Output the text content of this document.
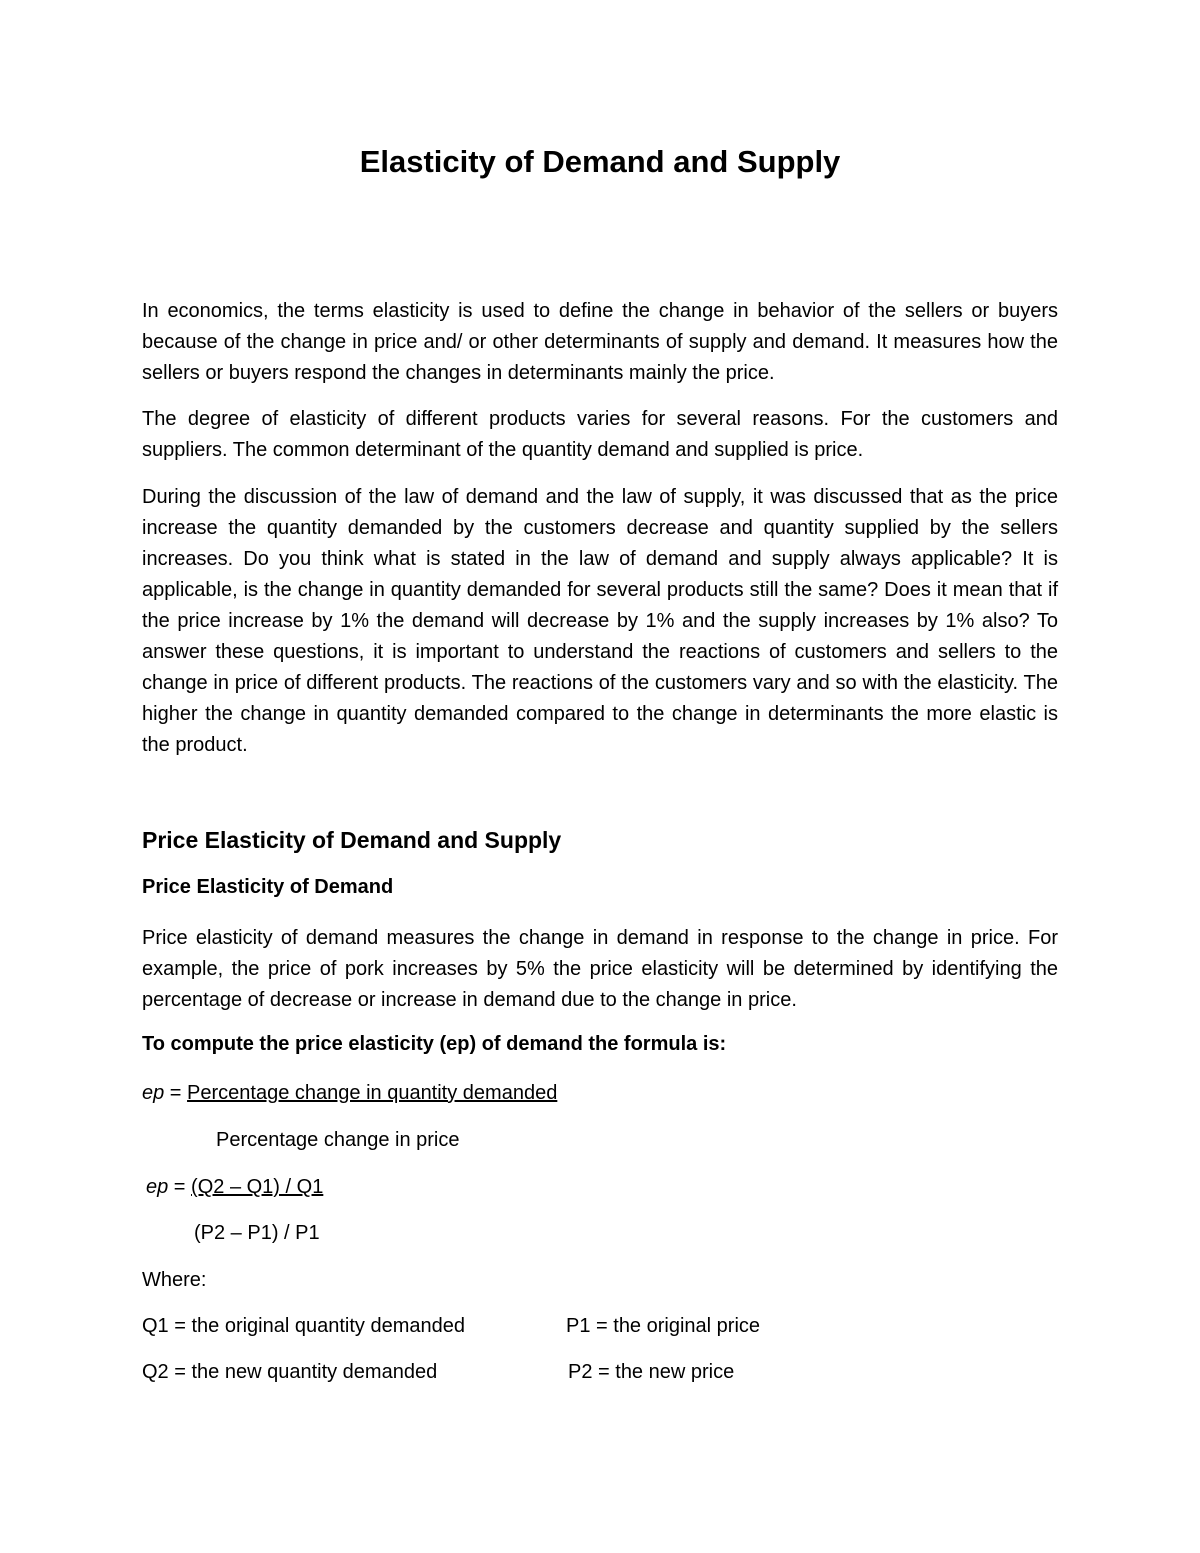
Elasticity of Demand and Supply

In economics, the terms elasticity is used to define the change in behavior of the sellers or buyers because of the change in price and/ or other determinants of supply and demand. It measures how the sellers or buyers respond the changes in determinants mainly the price.

The degree of elasticity of different products varies for several reasons. For the customers and suppliers. The common determinant of the quantity demand and supplied is price.

During the discussion of the law of demand and the law of supply, it was discussed that as the price increase the quantity demanded by the customers decrease and quantity supplied by the sellers increases. Do you think what is stated in the law of demand and supply always applicable? It is applicable, is the change in quantity demanded for several products still the same? Does it mean that if the price increase by 1% the demand will decrease by 1% and the supply increases by 1% also? To answer these questions, it is important to understand the reactions of customers and sellers to the change in price of different products. The reactions of the customers vary and so with the elasticity. The higher the change in quantity demanded compared to the change in determinants the more elastic is the product.

Price Elasticity of Demand and Supply
Price Elasticity of Demand

Price elasticity of demand measures the change in demand in response to the change in price. For example, the price of pork increases by 5% the price elasticity will be determined by identifying the percentage of decrease or increase in demand due to the change in price.

To compute the price elasticity (ep) of demand the formula is:

ep = Percentage change in quantity demanded

Percentage change in price

ep = (Q2 – Q1) / Q1

(P2 – P1) / P1

Where:

Q1 = the original quantity demanded	P1 = the original price

Q2 = the new quantity demanded	P2 = the new price
